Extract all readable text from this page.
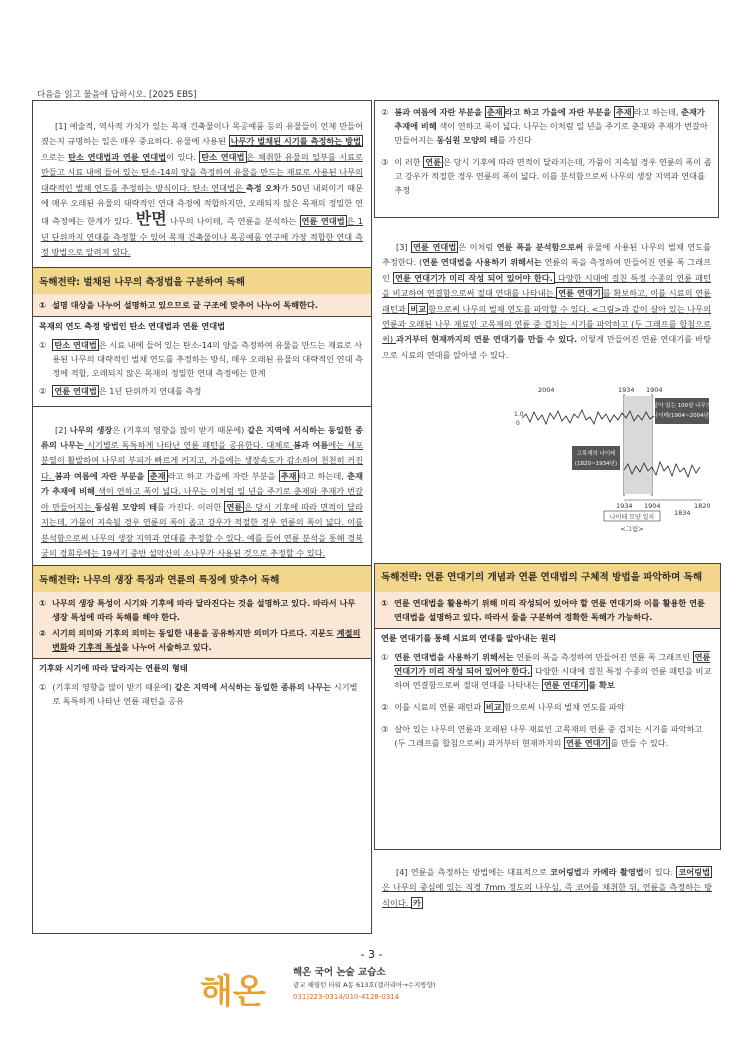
다음을 읽고 물음에 답하시오. [2025 EBS]

[1] 예술적, 역사적 가치가 있는 목재 건축물이나 목공예품 등의 유물들이 언제 만들어졌는지 규명하는 일은 매우 중요하다. 유물에 사용된 나무가 벌채된 시기를 측정하는 방법으로는 탄소 연대법과 연륜 연대법이 있다. 탄소 연대법 은 채취한 유물의 일부를 시료로 만들고 시료 내에 들어 있는 탄소-14의 양을 측정하여 유물을 만드는 재료로 사용된 나무의 대략적인 벌채 연도를 추정하는 방식이다. 탄소 연대법은 측정 오차가 50년 내외이기 때문에 매우 오래된 유물의 대략적인 연대 측정에 적합하지만, 오래되지 않은 목재의 정밀한 연대 측정에는 한계가 있다. 반면 나무의 나이테, 즉 연륜을 분석하는 연륜 연대법 은 1년 단위까지 연대를 측정할 수 있어 목재 건축물이나 목공예품 연구에 가장 적합한 연대 측정 방법으로 알려져 있다.

독해전략: 벌채된 나무의 측정법을 구분하여 독해
① 설명 대상을 나누어 설명하고 있으므로 글 구조에 맞추어 나누어 독해한다.
목재의 연도 측정 방법인 탄소 연대법과 연륜 연대법
① 탄소 연대법 은 시료 내에 들어 있는 탄소-14의 양을 측정하여 유물을 만드는 재료로 사용된 나무의 대략적인 벌채 연도를 추정하는 방식, 매우 오래된 유물의 대략적인 연대 측정에 적합, 오래되지 않은 목재의 정밀한 연대 측정에는 한계
② 연륜 연대법 은 1년 단위까지 연대를 측정

[2] 나무의 생장은 (기후의 영향을 많이 받기 때문에) 같은 지역에 서식하는 동일한 종류의 나무는 시기별로 독특하게 나타난 연륜 패턴을 공유한다. 대체로 봄과 여름에는 세포 분열이 활발하여 나무의 부피가 빠르게 커지고, 가을에는 생장속도가 감소하여 천천히 커진다. 봄과 여름에 자란 부분을 춘재 라고 하고 가을에 자란 부분을 추재 라고 하는데, 춘재가 추재에 비해 색이 연하고 폭이 넓다. 나무는 이처럼 일 년을 주기로 춘재와 추재가 번갈아 만들어지는 동심원 모양의 테를 가진다. 이러한 연륜 은 당시 기후에 따라 면적이 달라지는데, 가뭄이 지속될 경우 연륜의 폭이 좁고 강우가 적절한 경우 연륜의 폭이 넓다. 이를 분석함으로써 나무의 생장 지역과 연대를 추정할 수 있다. 예를 들어 연륜 분석을 통해 경복궁의 경회루에는 19세기 중반 설악산의 소나무가 사용된 것으로 추정할 수 있다.

독해전략: 나무의 생장 특징과 연륜의 특징에 맞추어 독해
① 나무의 생장 특성이 시기와 기후에 따라 달라진다는 것을 설명하고 있다. 따라서 나무 생장 특성에 따라 독해를 해야 한다.
② 시기의 의미와 기후의 의미는 동일한 내용을 공유하지만 의미가 다르다. 지문도 계절의 변화와 기후적 특성을 나누어 서술하고 있다.
기후와 시기에 따라 달라지는 연륜의 형태
① (기후의 영향을 많이 받기 때문에) 같은 지역에 서식하는 동일한 종류의 나무는 시기별로 독특하게 나타난 연륜 패턴을 공유
② 봄과 여름에 자란 부분을 춘재 라고 하고 가을에 자란 부분을 추재 라고 하는데, 춘재가 추재에 비해 색이 연하고 폭이 넓다. 나무는 이처럼 일 년을 주기로 춘재와 추재가 번갈아 만들어지는 동심원 모양의 테를 가진다
③ 이 러한 연륜 은 당시 기후에 따라 면적이 달라지는데, 가뭄이 지속될 경우 연륜의 폭이 좁고 강우가 적절한 경우 연륜의 폭이 넓다. 이를 분석함으로써 나무의 생장 지역과 연대를 추정

[3] 연륜 연대법 은 이처럼 연륜 폭을 분석함으로써 유물에 사용된 나무의 벌채 연도를 추정한다. (연륜 연대법을 사용하기 위해서는 연륜의 폭을 측정하여 만들어진 연륜 폭 그래프인 연륜 연대기가 미리 작성 되어 있어야 한다. 다양한 시대에 걸친 특정 수종의 연륜 패턴을 비교하여 연결함으로써 절대 연대를 나타내는 연륜 연대기 를 확보하고, 이를 시료의 연륜 패턴과 비교 함으로써 나무의 벌채 연도를 파악할 수 있다. <그림>과 같이 살아 있는 나무의 연륜과 오래된 나무 재료인 고목재의 연륜 중 겹치는 시기를 파악하고 (두 그래프를 합침으로써) 과거부터 현재까지의 연륜 연대기를 만들 수 있다. 이렇게 만들어진 연륜 연대기를 바탕으로 시료의 연대를 알아낼 수 있다.

2004	1934 1904
살아 있는 100살 나무의
나이테(1904~2004년)
고목재의 나이테
(1820~1934년)
1934 1904	1820
1834
나이테 모양 일치
<그림>
1.0
0
독해전략: 연륜 연대기의 개념과 연륜 연대법의 구체적 방법을 파악하며 독해
① 연륜 연대법을 활용하기 위해 미리 작성되어 있어야 할 연륜 연대기와 이를 활용한 연륜 연대법을 설명하고 있다. 따라서 둘을 구분하여 정확한 독해가 가능하다.
연륜 연대기를 통해 시료의 연대를 알아내는 원리
① 연륜 연대법을 사용하기 위해서는 연륜의 폭을 측정하여 만들어진 연륜 폭 그래프인 연륜 연대기가 미리 작성 되어 있어야 한다. 다양한 시대에 걸친 특정 수종의 연륜 패턴을 비교하여 연결함으로써 절대 연대를 나타내는 연륜 연대기 를 확보
② 이를 시료의 연륜 패턴과 비교 함으로써 나무의 벌채 연도를 파악
③ 살아 있는 나무의 연륜과 오래된 나무 재료인 고목재의 연륜 중 겹치는 시기를 파악하고 (두 그래프를 합침으로써) 과거부터 현재까지의 연륜 연대기 를 만들 수 있다.

[4] 연륜을 측정하는 방법에는 대표적으로 코어링법과 카메라 촬영법이 있다. 코어링법은 나무의 중심에 있는 직경 7mm 정도의 나무심, 즉 코어를 채취한 뒤, 연륜을 측정하는 방식이다. 카

- 3 -
해온	해온 국어 논술 교습소
광교 해링턴 타워 A동 613호(갤러리아→수지방향)
031)223-0314/010-4128-0314
